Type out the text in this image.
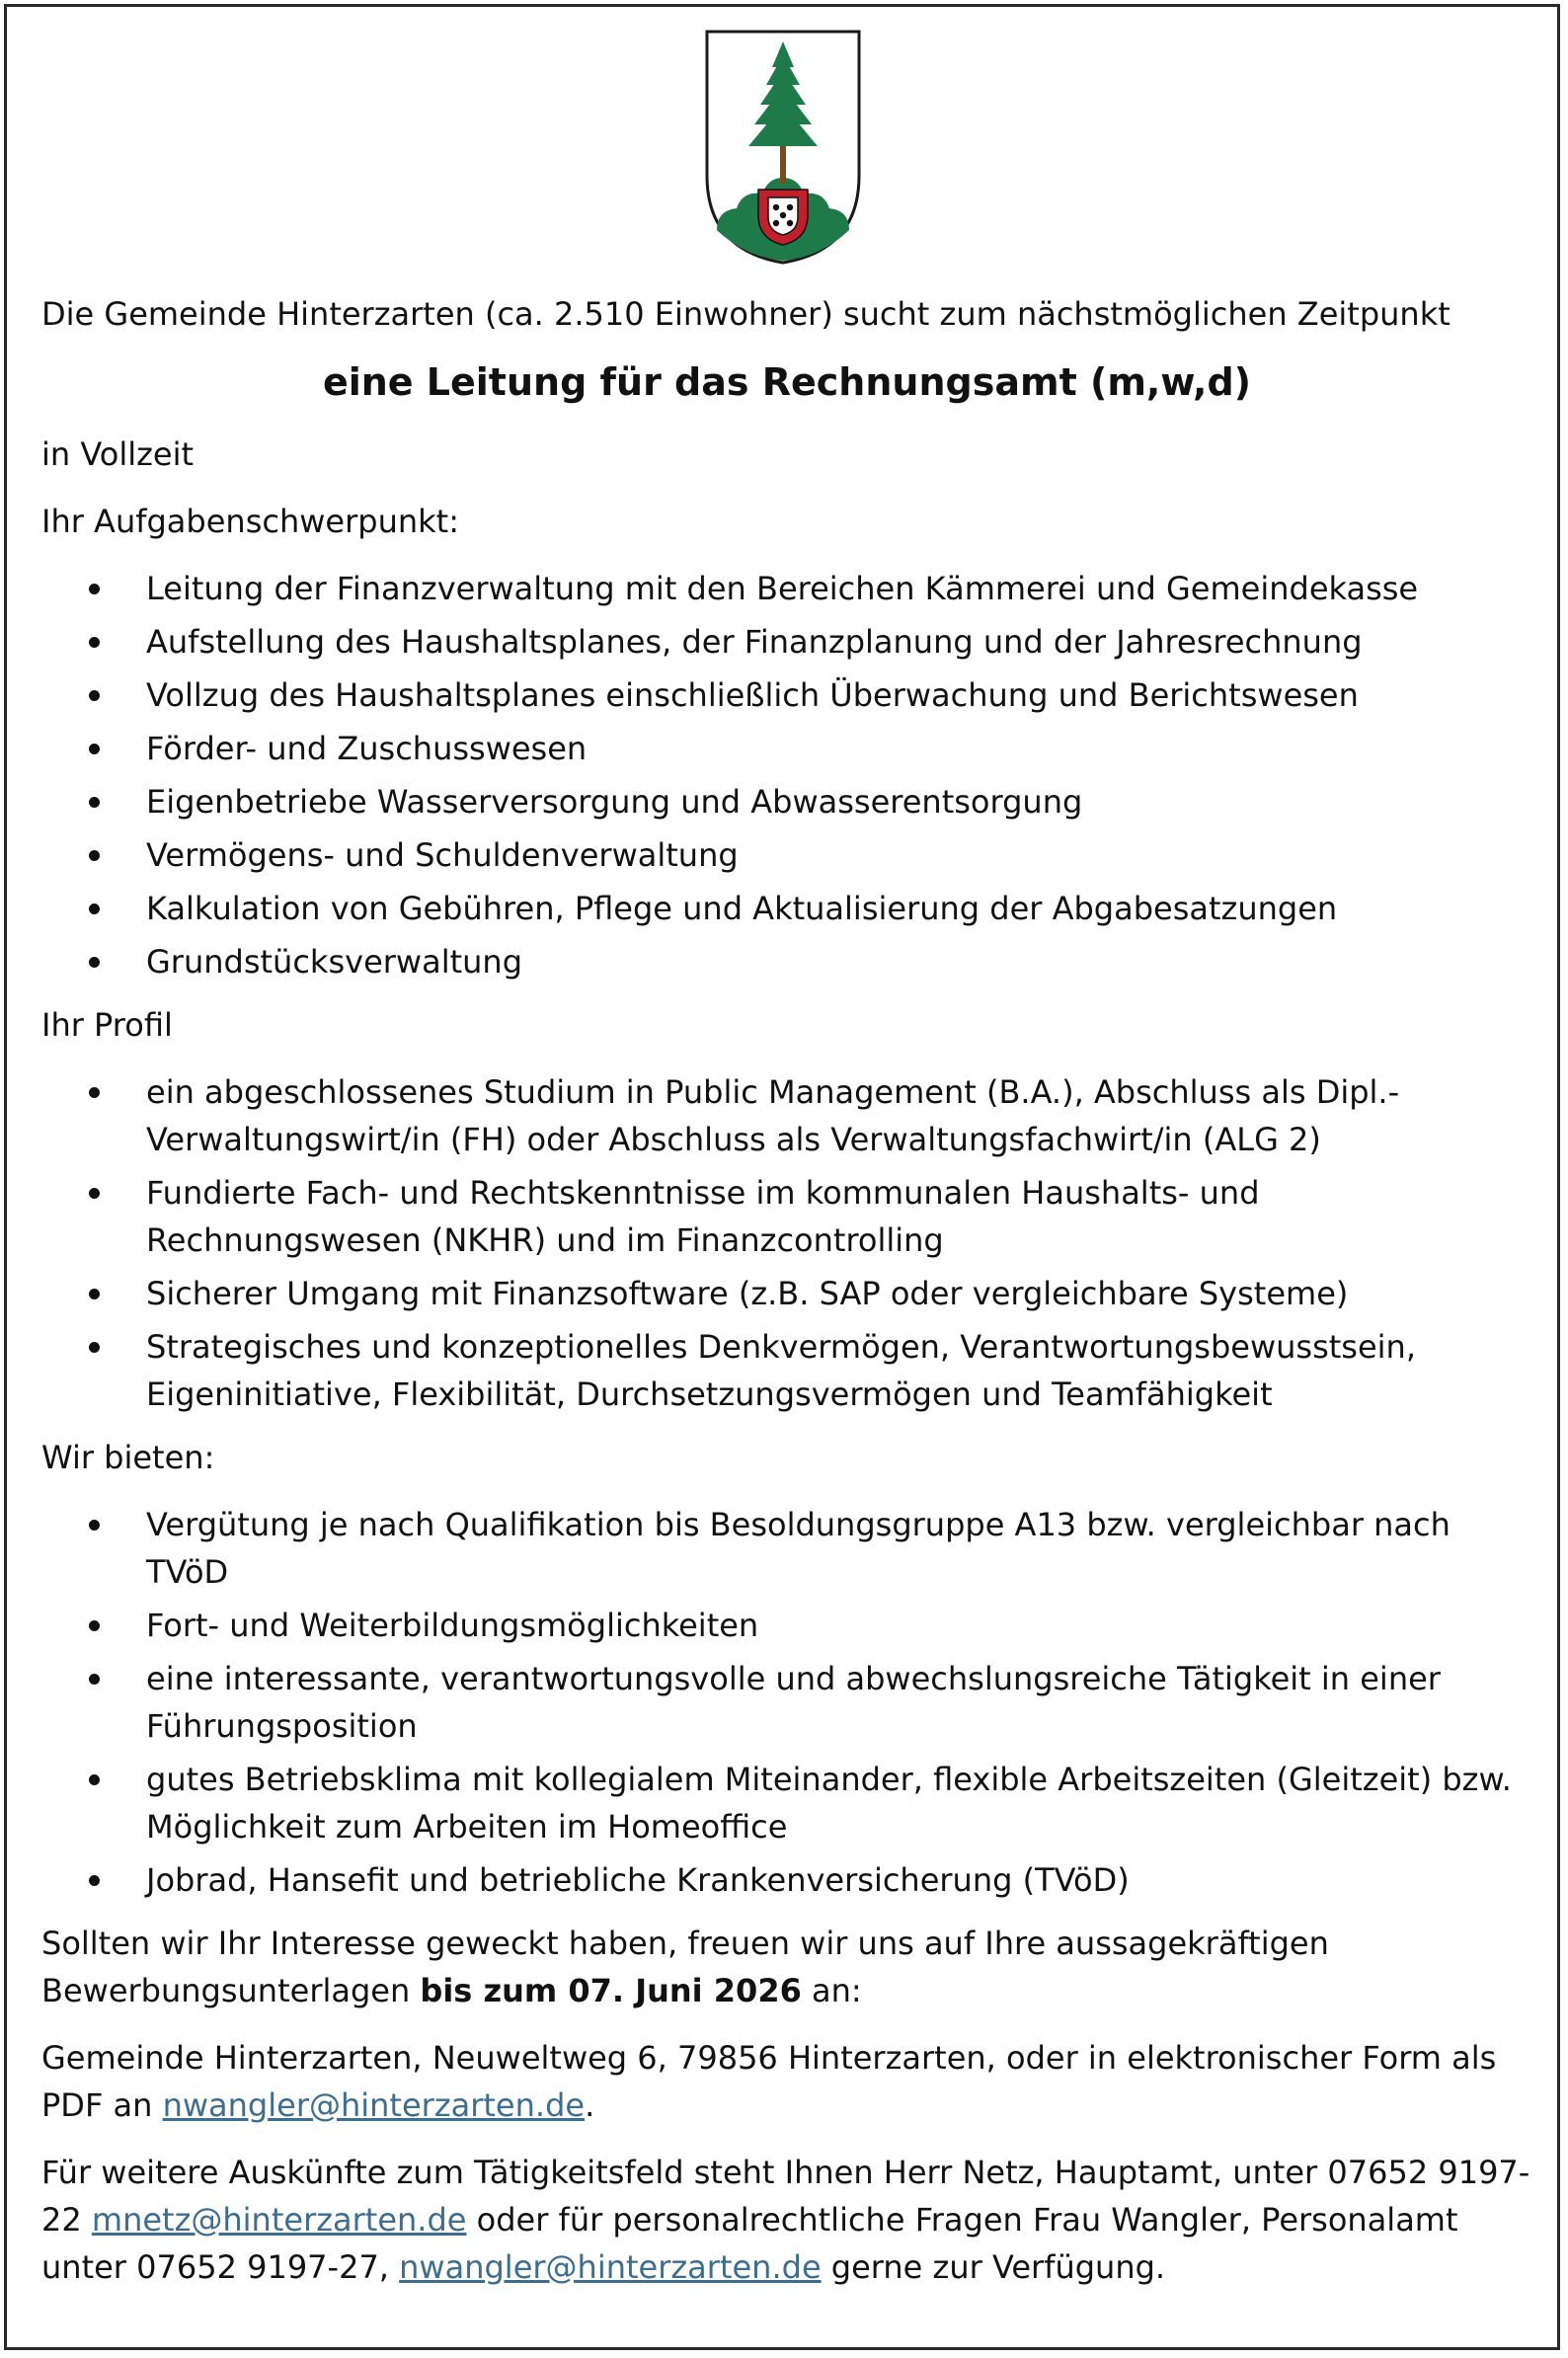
Die Gemeinde Hinterzarten (ca. 2.510 Einwohner) sucht zum nächstmöglichen Zeitpunkt

eine Leitung für das Rechnungsamt (m,w,d)

in Vollzeit

Ihr Aufgabenschwerpunkt:

Leitung der Finanzverwaltung mit den Bereichen Kämmerei und Gemeindekasse
Aufstellung des Haushaltsplanes, der Finanzplanung und der Jahresrechnung
Vollzug des Haushaltsplanes einschließlich Überwachung und Berichtswesen
Förder- und Zuschusswesen
Eigenbetriebe Wasserversorgung und Abwasserentsorgung
Vermögens- und Schuldenverwaltung
Kalkulation von Gebühren, Pflege und Aktualisierung der Abgabesatzungen
Grundstücksverwaltung

Ihr Profil

ein abgeschlossenes Studium in Public Management (B.A.), Abschluss als Dipl.-Verwaltungswirt/in (FH) oder Abschluss als Verwaltungsfachwirt/in (ALG 2)
Fundierte Fach- und Rechtskenntnisse im kommunalen Haushalts- und Rechnungswesen (NKHR) und im Finanzcontrolling
Sicherer Umgang mit Finanzsoftware (z.B. SAP oder vergleichbare Systeme)
Strategisches und konzeptionelles Denkvermögen, Verantwortungsbewusstsein, Eigeninitiative, Flexibilität, Durchsetzungsvermögen und Teamfähigkeit

Wir bieten:

Vergütung je nach Qualifikation bis Besoldungsgruppe A13 bzw. vergleichbar nach TVöD
Fort- und Weiterbildungsmöglichkeiten
eine interessante, verantwortungsvolle und abwechslungsreiche Tätigkeit in einer Führungsposition
gutes Betriebsklima mit kollegialem Miteinander, flexible Arbeitszeiten (Gleitzeit) bzw. Möglichkeit zum Arbeiten im Homeoffice
Jobrad, Hansefit und betriebliche Krankenversicherung (TVöD)

Sollten wir Ihr Interesse geweckt haben, freuen wir uns auf Ihre aussagekräftigen Bewerbungsunterlagen bis zum 07. Juni 2026 an:

Gemeinde Hinterzarten, Neuweltweg 6, 79856 Hinterzarten, oder in elektronischer Form als PDF an nwangler@hinterzarten.de.

Für weitere Auskünfte zum Tätigkeitsfeld steht Ihnen Herr Netz, Hauptamt, unter 07652 9197-22 mnetz@hinterzarten.de oder für personalrechtliche Fragen Frau Wangler, Personalamt unter 07652 9197-27, nwangler@hinterzarten.de gerne zur Verfügung.
